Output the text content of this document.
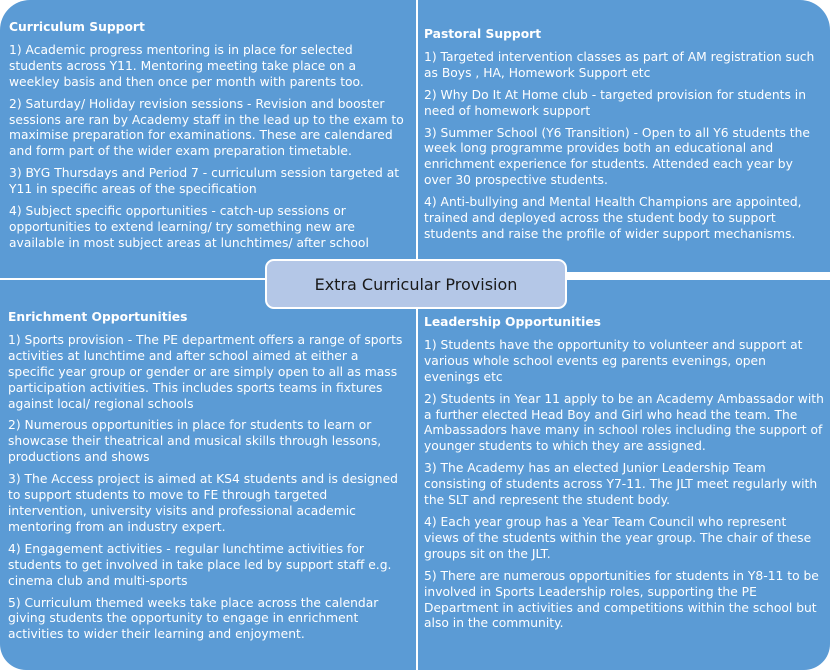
Curriculum Support
1) Academic progress mentoring is in place for selected students across Y11. Mentoring meeting take place on a weekley basis and then once per month with parents too.
2) Saturday/ Holiday revision sessions - Revision and booster sessions are ran by Academy staff in the lead up to the exam to maximise preparation for examinations. These are calendared and form part of the wider exam preparation timetable.
3) BYG Thursdays and Period 7 - curriculum session targeted at Y11 in specific areas of the specification
4) Subject specific opportunities - catch-up sessions or opportunities to extend learning/ try something new are available in most subject areas at lunchtimes/ after school
Pastoral Support
1) Targeted intervention classes as part of AM registration such as Boys , HA, Homework Support etc
2) Why Do It At Home club - targeted provision for students in need of homework support
3) Summer School (Y6 Transition) - Open to all Y6 students the week long programme provides both an educational and enrichment experience for students. Attended each year by over 30 prospective students.
4) Anti-bullying and Mental Health Champions are appointed, trained and deployed across the student body to support students and raise the profile of wider support mechanisms.
Enrichment Opportunities
1) Sports provision - The PE department offers a range of sports activities at lunchtime and after school aimed at either a specific year group or gender or are simply open to all as mass participation activities. This includes sports teams in fixtures against local/ regional schools
2) Numerous opportunities in place for students to learn or showcase their theatrical and musical skills through lessons, productions and shows
3) The Access project is aimed at KS4 students and is designed to support students to move to FE through targeted intervention, university visits and professional academic mentoring from an industry expert.
4) Engagement activities - regular lunchtime activities for students to get involved in take place led by support staff e.g. cinema club and multi-sports
5) Curriculum themed weeks take place across the calendar giving students the opportunity to engage in enrichment activities to wider their learning and enjoyment.
Leadership Opportunities
1) Students have the opportunity to volunteer and support at various whole school events eg parents evenings, open evenings etc
2) Students in Year 11 apply to be an Academy Ambassador with a further elected Head Boy and Girl who head the team. The Ambassadors have many in school roles including the support of younger students to which they are assigned.
3) The Academy has an elected Junior Leadership Team consisting of students across Y7-11. The JLT meet regularly with the SLT and represent the student body.
4) Each year group has a Year Team Council who represent views of the students within the year group. The chair of these groups sit on the JLT.
5) There are numerous opportunities for students in Y8-11 to be involved in Sports Leadership roles, supporting the PE Department in activities and competitions within the school but also in the community.
Extra Curricular Provision
